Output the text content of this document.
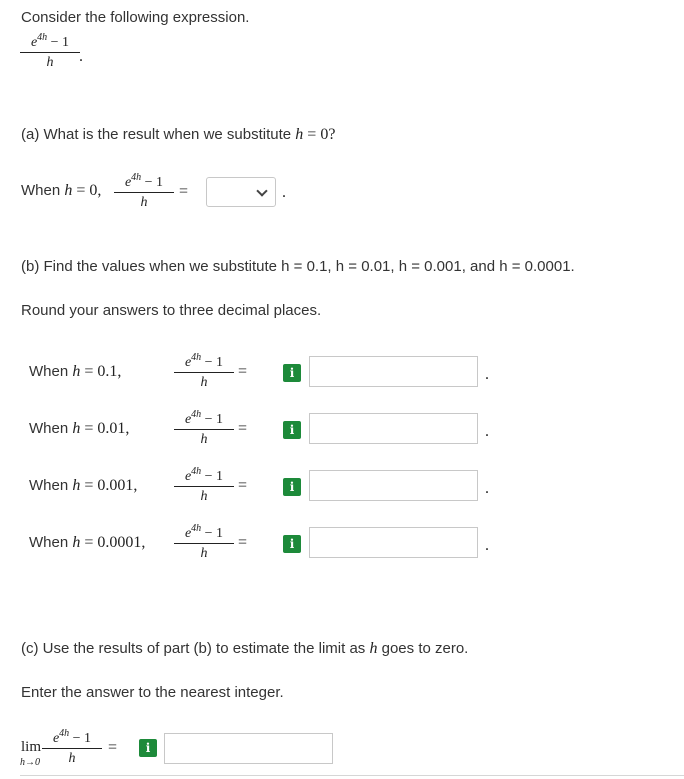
Consider the following expression.
$e^{4h} - 1$
h	.
(a) What is the result when we substitute h = 0?
When h = 0,	$e^{4h} - 1$
h
=	.
(b) Find the values when we substitute h = 0.1, h = 0.01, h = 0.001, and h = 0.0001.
Round your answers to three decimal places.
When h = 0.1,
$e^{4h} - 1$
h
=	i	.
When h = 0.01,
$e^{4h} - 1$
h
=	i	.
When h = 0.001,
$e^{4h} - 1$
h
=	i	.
When h = 0.0001,
$e^{4h} - 1$
h
=	i	.
(c) Use the results of part (b) to estimate the limit as h goes to zero.
Enter the answer to the nearest integer.
lim
h→0
$e^{4h} - 1$
h
=	i
